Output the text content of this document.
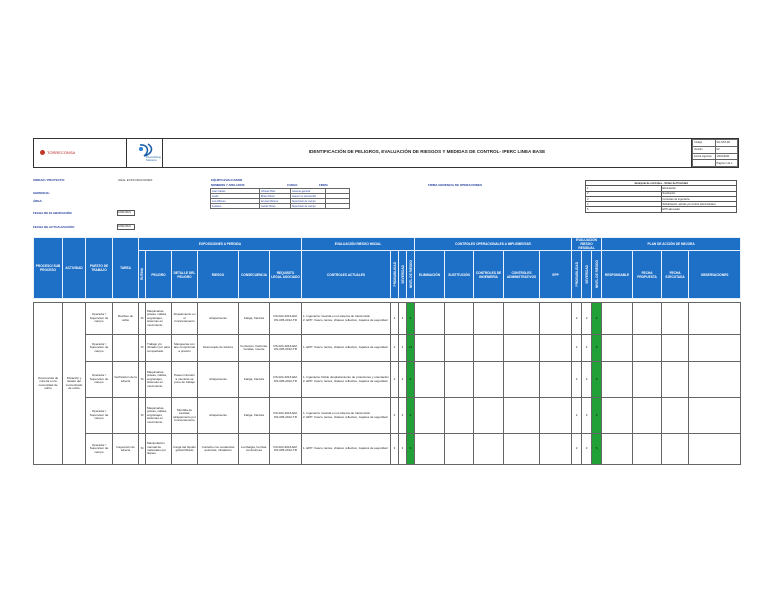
TORRECONSA
Downstriking Solutions
IDENTIFICACIÓN DE PELIGROS, EVALUACIÓN DE RIESGOS Y MEDIDAS DE CONTROL- IPERC LINEA BASE
Código	SG-SST-38
Versión	00
Fecha vigencia	10/01/2021
	Página 1 de 1
UNIDAD / PROYECTO:	GEAL EXPLORACIONES
GERENCIA:
ÁREA:
FECHA DE ELABORACIÓN:	10/01/2021
FECHA DE ACTUALIZACIÓN:	10/01/2021
EQUIPO EVALUADOR
NOMBRES Y APELLIDOS	CARGO	FIRMA
Juan Carlos	Chávez Ríos	Gerente general	
Leslie	Bravo Pérez	Asesor en prevención	
Luis Alfonso	Arenas Moreno	Supervisor de campo	
Gustavo	Landa Torres	Supervisor de campo	
FIRMA GERENCIA DE OPERACIONES	Jerarquía de controles - Orden de Prioridad	
1	Eliminación
2	Sustitución
3	Controles de Ingeniería
4	Señalización, alertas y/o control administrativo
5	EPP adecuado
PROCESO/ SUB PROCESO	ACTIVIDAD	PUESTO DE TRABAJO	TAREA	EXPOSICIONES A PERDIDA						EVALUACIÓN RIESGO INICIAL				CONTROLES OPERACIONALES A IMPLEMENTAR					EVALUACIÓN RIESGO RESIDUAL			PLAN DE ACCIÓN DE MEJORA			
				RUTINA	PELIGRO	DETALLE DEL PELIGRO	RIESGO	CONSECUENCIA	REQUISITO LEGAL ASOCIADO	CONTROLES ACTUALES	PROBABILIDAD	SEVERIDAD	NIVEL DE RIESGO	ELIMINACIÓN	SUSTITUCIÓN	CONTROLES DE INGENIERÍA	CONTROLES ADMINISTRATIVOS	EPP	PROBABILIDAD	SEVERIDAD	NIVEL DE RIESGO	RESPONSABLE	FECHA PROPUESTA	FECHA EJECUTADA	OBSERVACIONES

Ocurrencias de minería en la comunidad de ushto	Filtración y lavado del concentrado de ushto	Operador / Supervisor de campo	Reciben de ushto	SI	Maquinarias, poleas, cables, engranajes, sistemas en movimiento	Atrapamiento en el funcionamiento	Atrapamiento	Fatiga, fractura	DS-024-2016-EM, DS-005-2012-TR	1. Ingeniería: Guarda en el sistema de transmisión
2. EPP: Casco, lentes, chaleco reflectivo, zapatos de seguridad	3	3	9						2	3	6				
		Operador / Supervisor de campo		SI	Trabajo y/o vibrador por para compactado	Mangueras con aire comprimido a presión	Desmorado de tubería	Contusión, fracturas, heridas, muerte	DS-024-2016-EM, DS-005-2012-TR	1. EPP: Casco, lentes, chaleco reflectivo, zapatos de seguridad	3	4	12						2	4	8				
		Operador / Supervisor de campo	Verificación de la tubería	SI	Maquinarias, poleas, cables, engranajes, sistemas en movimiento	Paseo intrusión a mientras se pone de trabajo	Atrapamiento	Fatiga, fractura	DS-024-2016-EM, DS-005-2012-TR	1. Ingeniería: Doble desplazamiento de protectores y orientación
2. EPP: Casco, lentes, chaleco reflectivo, zapatos de seguridad	3	3	9						2	3	6				
		Operador / Supervisor de campo		SI	Maquinarias, poleas, cables, engranajes, sistemas en movimiento	Mordida de cavidad, atrapamiento por funcionamiento	Atrapamiento	Fatiga, fractura	DS-024-2016-EM, DS-005-2012-TR	1. Ingeniería: Guarda en el sistema de transmisión
2. EPP: Casco, lentes, chaleco reflectivo, zapatos de seguridad	3	3	9						2	3	6				
		Operador / Supervisor de campo	Inspección de tubería	SI	Manipulación manual de materiales por diques	Carga del líquido global filtrado	Contacto con sustancias químicas, inhalación	Lumbalgia, hernias, contusiones	DS-024-2016-EM, DS-005-2012-TR	1. EPP: Casco, lentes, chaleco reflectivo, zapatos de seguridad	3	3	9						2	3	6				
